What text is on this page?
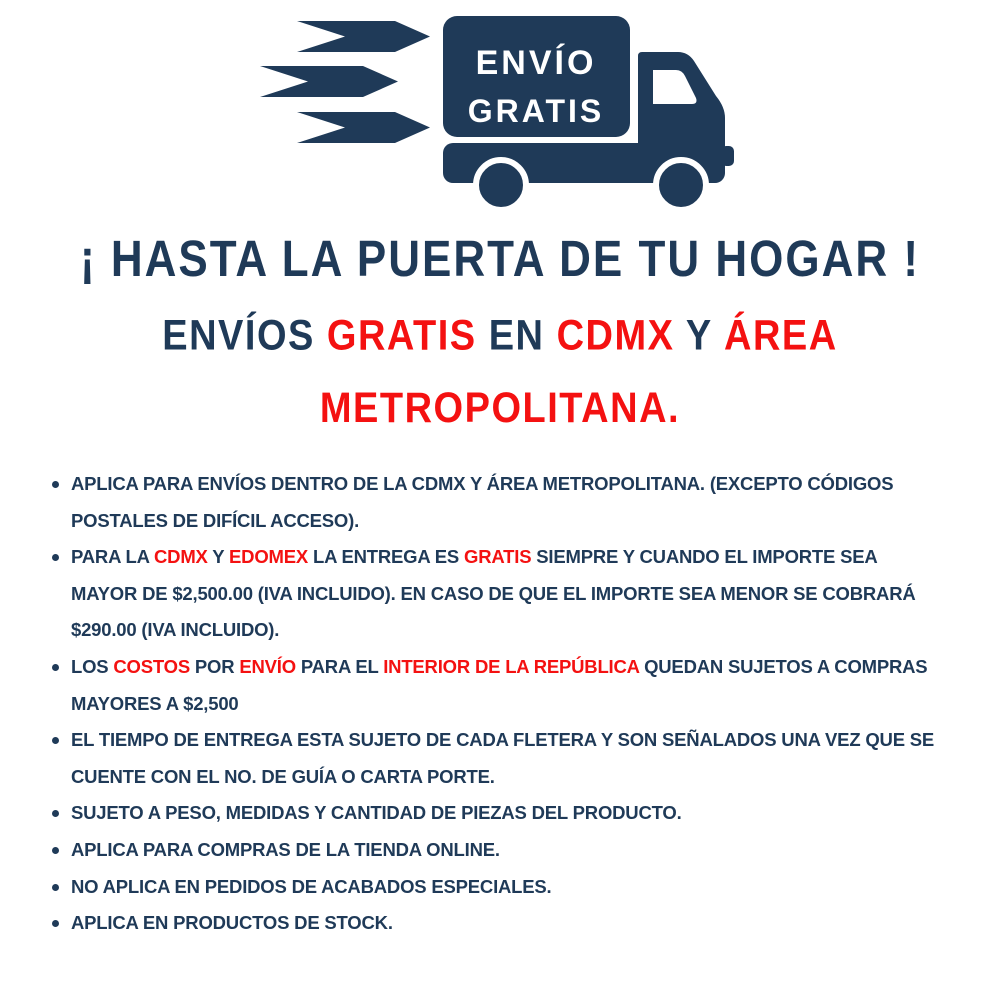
ENVÍO
GRATIS
¡ HASTA LA PUERTA DE TU HOGAR !
ENVÍOS GRATIS EN CDMX Y ÁREA
METROPOLITANA.
APLICA PARA ENVÍOS DENTRO DE LA CDMX Y ÁREA METROPOLITANA. (EXCEPTO CÓDIGOS POSTALES DE DIFÍCIL ACCESO).
PARA LA CDMX Y EDOMEX LA ENTREGA ES GRATIS SIEMPRE Y CUANDO EL IMPORTE SEA MAYOR DE $2,500.00 (IVA INCLUIDO). EN CASO DE QUE EL IMPORTE SEA MENOR SE COBRARÁ $290.00 (IVA INCLUIDO).
LOS COSTOS POR ENVÍO PARA EL INTERIOR DE LA REPÚBLICA QUEDAN SUJETOS A COMPRAS MAYORES A $2,500
EL TIEMPO DE ENTREGA ESTA SUJETO DE CADA FLETERA Y SON SEÑALADOS UNA VEZ QUE SE CUENTE CON EL NO. DE GUÍA O CARTA PORTE.
SUJETO A PESO, MEDIDAS Y CANTIDAD DE PIEZAS DEL PRODUCTO.
APLICA PARA COMPRAS DE LA TIENDA ONLINE.
NO APLICA EN PEDIDOS DE ACABADOS ESPECIALES.
APLICA EN PRODUCTOS DE STOCK.
